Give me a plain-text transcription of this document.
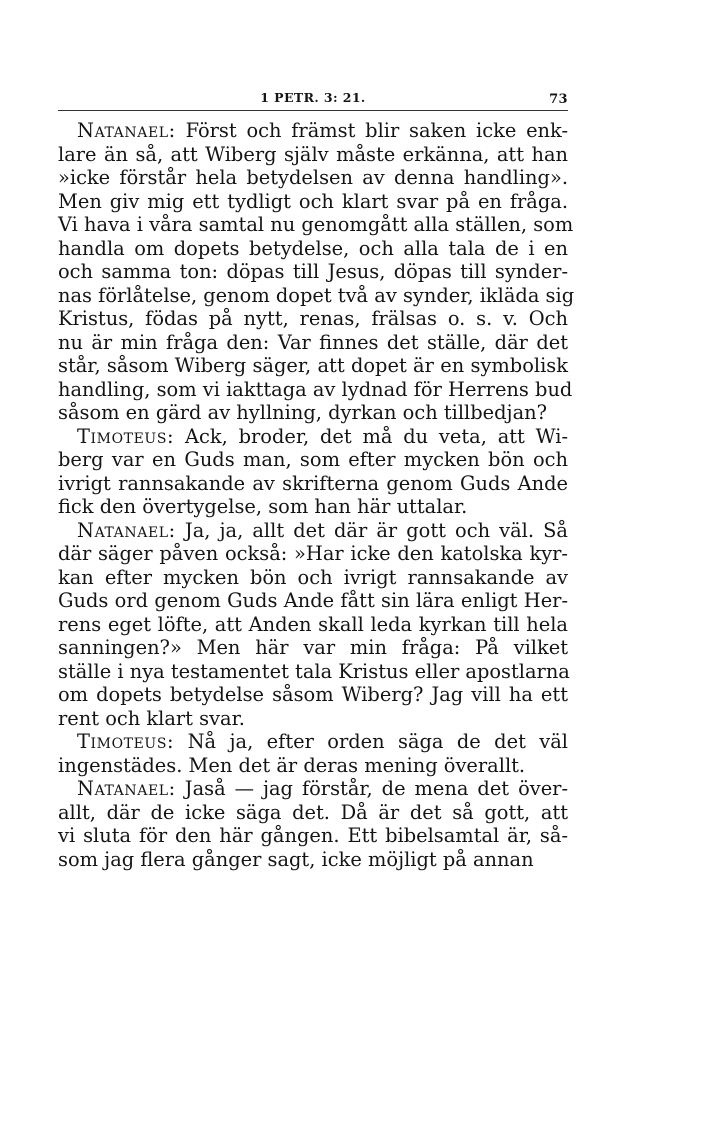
1 PETR. 3: 21.	73
Natanael: Först och främst blir saken icke enk-
lare än så, att Wiberg själv måste erkänna, att han
»icke förstår hela betydelsen av denna handling».
Men giv mig ett tydligt och klart svar på en fråga.
Vi hava i våra samtal nu genomgått alla ställen, som
handla om dopets betydelse, och alla tala de i en
och samma ton: döpas till Jesus, döpas till synder-
nas förlåtelse, genom dopet två av synder, ikläda sig
Kristus, födas på nytt, renas, frälsas o. s. v. Och
nu är min fråga den: Var finnes det ställe, där det
står, såsom Wiberg säger, att dopet är en symbolisk
handling, som vi iakttaga av lydnad för Herrens bud
såsom en gärd av hyllning, dyrkan och tillbedjan?
Timoteus: Ack, broder, det må du veta, att Wi-
berg var en Guds man, som efter mycken bön och
ivrigt rannsakande av skrifterna genom Guds Ande
fick den övertygelse, som han här uttalar.
Natanael: Ja, ja, allt det där är gott och väl. Så
där säger påven också: »Har icke den katolska kyr-
kan efter mycken bön och ivrigt rannsakande av
Guds ord genom Guds Ande fått sin lära enligt Her-
rens eget löfte, att Anden skall leda kyrkan till hela
sanningen?» Men här var min fråga: På vilket
ställe i nya testamentet tala Kristus eller apostlarna
om dopets betydelse såsom Wiberg? Jag vill ha ett
rent och klart svar.
Timoteus: Nå ja, efter orden säga de det väl
ingenstädes. Men det är deras mening överallt.
Natanael: Jaså — jag förstår, de mena det över-
allt, där de icke säga det. Då är det så gott, att
vi sluta för den här gången. Ett bibelsamtal är, så-
som jag flera gånger sagt, icke möjligt på annan
